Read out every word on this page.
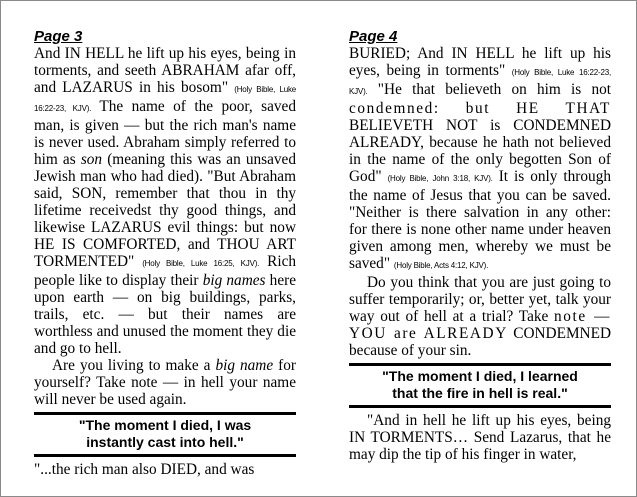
Page 3

And IN HELL he lift up his eyes, being in torments, and seeth ABRAHAM afar off, and LAZARUS in his bosom" (Holy Bible, Luke 16:22-23, KJV). The name of the poor, saved man, is given — but the rich man's name is never used. Abraham simply referred to him as son (meaning this was an unsaved Jewish man who had died). "But Abraham said, SON, remember that thou in thy lifetime receivedst thy good things, and likewise LAZARUS evil things: but now HE IS COMFORTED, and THOU ART TORMENTED" (Holy Bible, Luke 16:25, KJV). Rich people like to display their big names here upon earth — on big buildings, parks, trails, etc. — but their names are worthless and unused the moment they die and go to hell.

Are you living to make a big name for yourself? Take note — in hell your name will never be used again.

"The moment I died, I was
instantly cast into hell."

"...the rich man also DIED, and was

Page 4

BURIED; And IN HELL he lift up his eyes, being in torments" (Holy Bible, Luke 16:22-23, KJV). "He that believeth on him is not condemned: but HE THAT BELIEVETH NOT is CONDEMNED ALREADY, because he hath not believed in the name of the only begotten Son of God" (Holy Bible, John 3:18, KJV). It is only through the name of Jesus that you can be saved. "Neither is there salvation in any other: for there is none other name under heaven given among men, whereby we must be saved" (Holy Bible, Acts 4:12, KJV).

Do you think that you are just going to suffer temporarily; or, better yet, talk your way out of hell at a trial? Take note — YOU are ALREADY CONDEMNED because of your sin.

"The moment I died, I learned
that the fire in hell is real."

"And in hell he lift up his eyes, being IN TORMENTS… Send Lazarus, that he may dip the tip of his finger in water,
